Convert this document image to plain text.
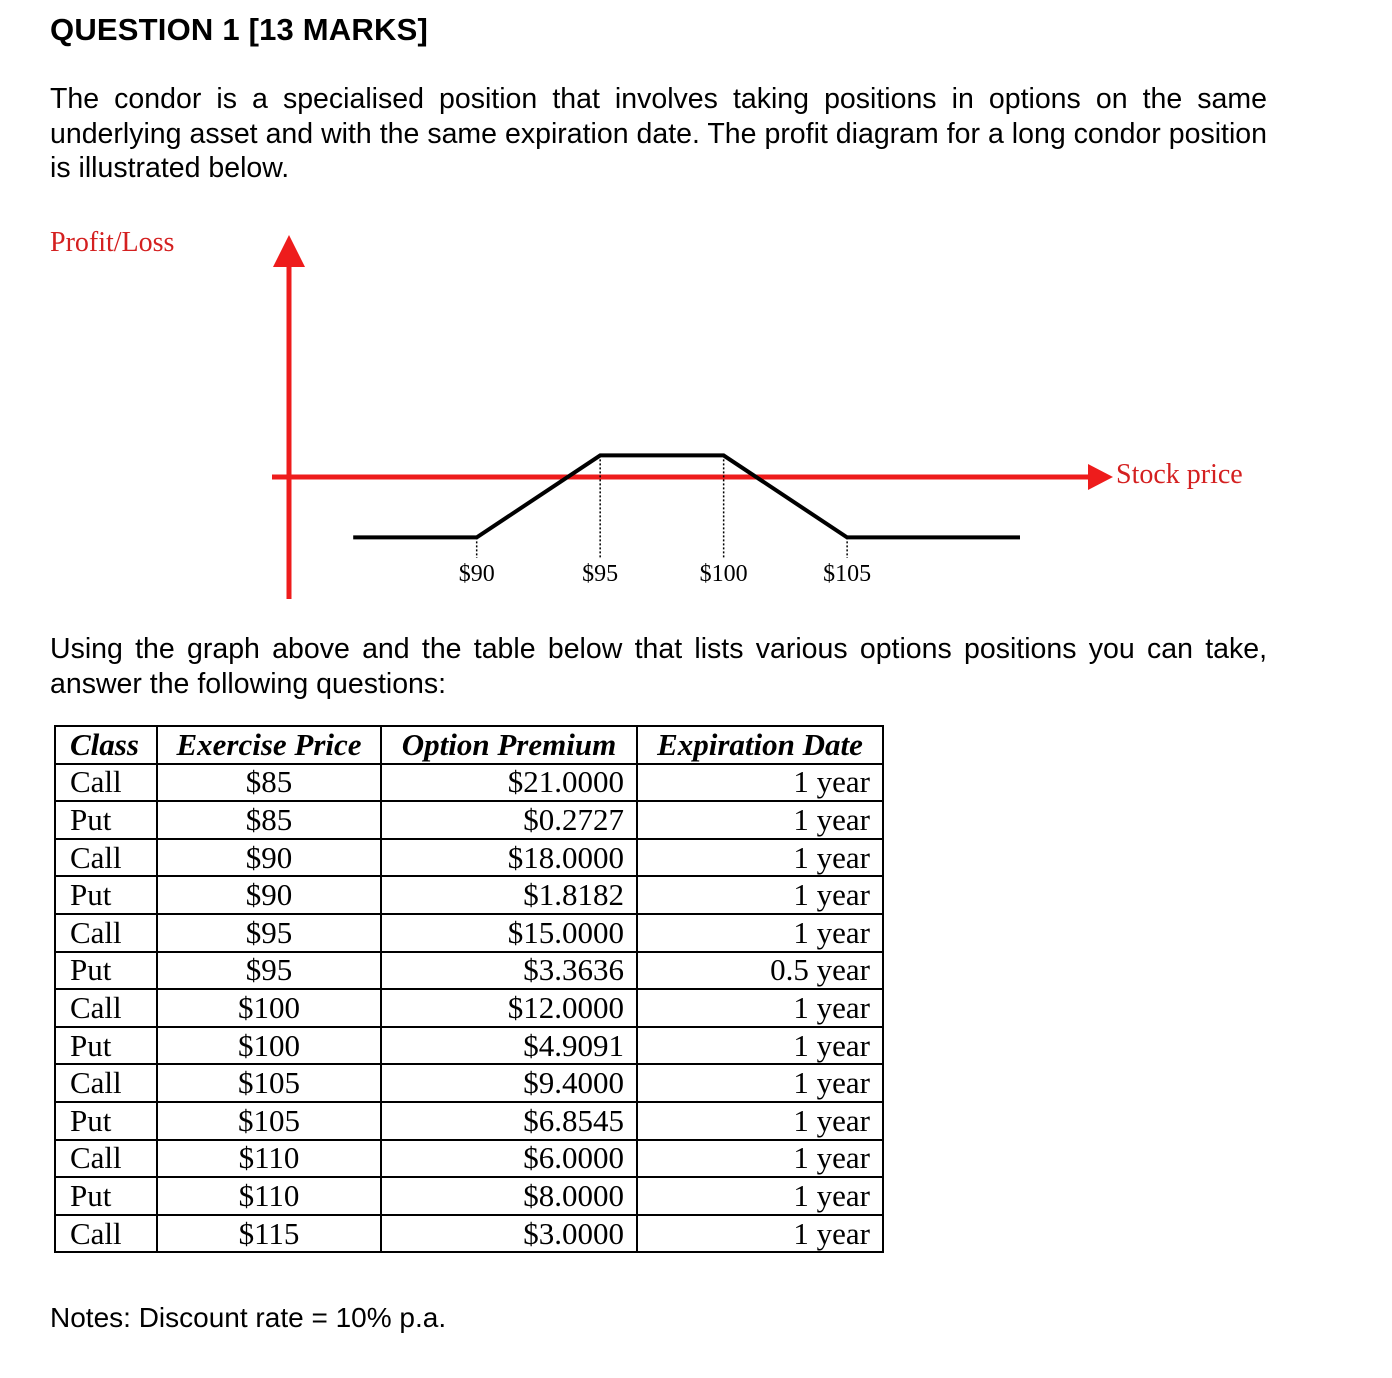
QUESTION 1 [13 MARKS]

The condor is a specialised position that involves taking positions in options on the same underlying asset and with the same expiration date. The profit diagram for a long condor position is illustrated below.

Profit/Loss
Stock price
$90	$95	$100	$105

Using the graph above and the table below that lists various options positions you can take, answer the following questions:

Class	Exercise Price	Option Premium	Expiration Date
Call	$85	$21.0000	1 year
Put	$85	$0.2727	1 year
Call	$90	$18.0000	1 year
Put	$90	$1.8182	1 year
Call	$95	$15.0000	1 year
Put	$95	$3.3636	0.5 year
Call	$100	$12.0000	1 year
Put	$100	$4.9091	1 year
Call	$105	$9.4000	1 year
Put	$105	$6.8545	1 year
Call	$110	$6.0000	1 year
Put	$110	$8.0000	1 year
Call	$115	$3.0000	1 year

Notes: Discount rate = 10% p.a.
